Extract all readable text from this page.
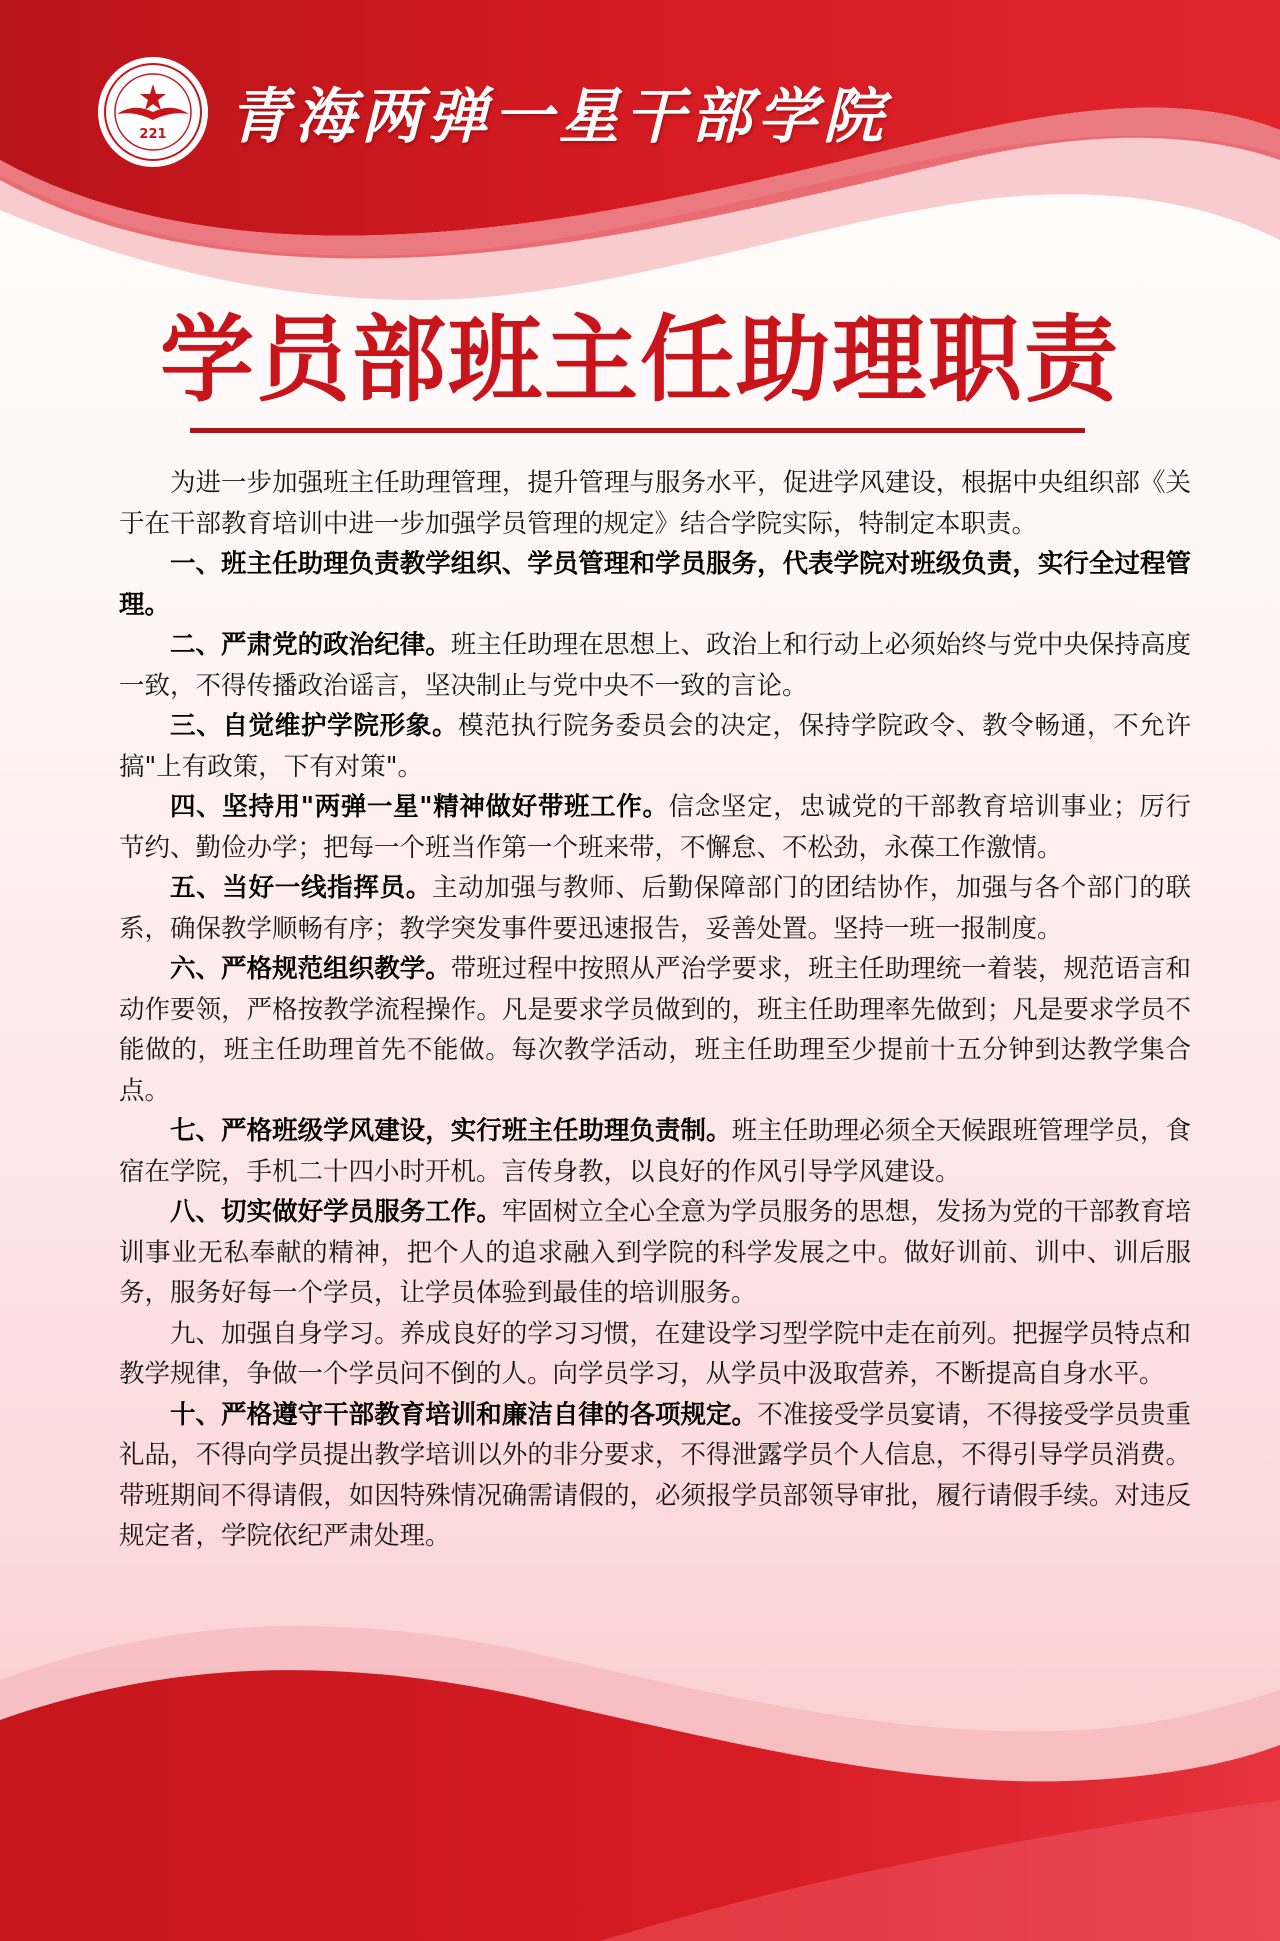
221 青海两弹一星干部学院
学员部班主任助理职责

为进一步加强班主任助理管理，提升管理与服务水平，促进学风建设，根据中央组织部《关于在干部教育培训中进一步加强学员管理的规定》结合学院实际，特制定本职责。

一、班主任助理负责教学组织、学员管理和学员服务，代表学院对班级负责，实行全过程管理。

二、严肃党的政治纪律。班主任助理在思想上、政治上和行动上必须始终与党中央保持高度一致，不得传播政治谣言，坚决制止与党中央不一致的言论。

三、自觉维护学院形象。模范执行院务委员会的决定，保持学院政令、教令畅通，不允许搞"上有政策，下有对策"。

四、坚持用"两弹一星"精神做好带班工作。信念坚定，忠诚党的干部教育培训事业；厉行节约、勤俭办学；把每一个班当作第一个班来带，不懈怠、不松劲，永葆工作激情。

五、当好一线指挥员。主动加强与教师、后勤保障部门的团结协作，加强与各个部门的联系，确保教学顺畅有序；教学突发事件要迅速报告，妥善处置。坚持一班一报制度。

六、严格规范组织教学。带班过程中按照从严治学要求，班主任助理统一着装，规范语言和动作要领，严格按教学流程操作。凡是要求学员做到的，班主任助理率先做到；凡是要求学员不能做的，班主任助理首先不能做。每次教学活动，班主任助理至少提前十五分钟到达教学集合点。

七、严格班级学风建设，实行班主任助理负责制。班主任助理必须全天候跟班管理学员，食宿在学院，手机二十四小时开机。言传身教，以良好的作风引导学风建设。

八、切实做好学员服务工作。牢固树立全心全意为学员服务的思想，发扬为党的干部教育培训事业无私奉献的精神，把个人的追求融入到学院的科学发展之中。做好训前、训中、训后服务，服务好每一个学员，让学员体验到最佳的培训服务。

九、加强自身学习。养成良好的学习习惯，在建设学习型学院中走在前列。把握学员特点和教学规律，争做一个学员问不倒的人。向学员学习，从学员中汲取营养，不断提高自身水平。

十、严格遵守干部教育培训和廉洁自律的各项规定。不准接受学员宴请，不得接受学员贵重礼品，不得向学员提出教学培训以外的非分要求，不得泄露学员个人信息，不得引导学员消费。带班期间不得请假，如因特殊情况确需请假的，必须报学员部领导审批，履行请假手续。对违反规定者，学院依纪严肃处理。
